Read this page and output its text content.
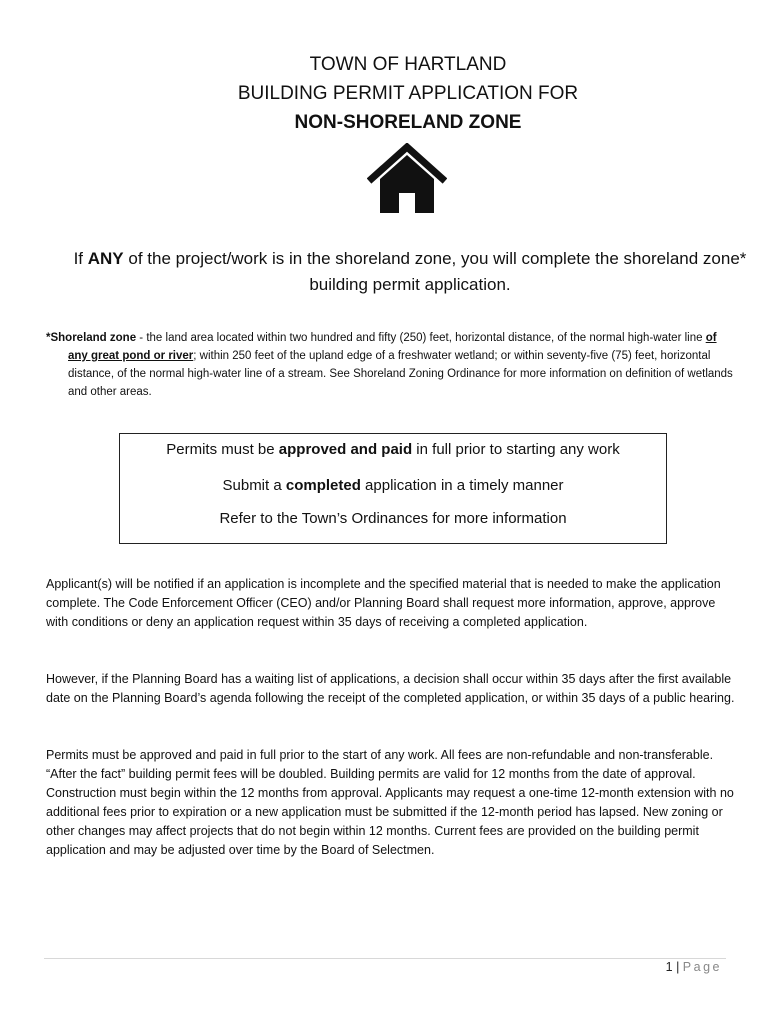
TOWN OF HARTLAND
BUILDING PERMIT APPLICATION FOR
NON-SHORELAND ZONE
If ANY of the project/work is in the shoreland zone, you will complete the shoreland zone* building permit application.
*Shoreland zone - the land area located within two hundred and fifty (250) feet, horizontal distance, of the normal high-water line of any great pond or river; within 250 feet of the upland edge of a freshwater wetland; or within seventy-five (75) feet, horizontal distance, of the normal high-water line of a stream. See Shoreland Zoning Ordinance for more information on definition of wetlands and other areas.
Permits must be approved and paid in full prior to starting any work
Submit a completed application in a timely manner
Refer to the Town’s Ordinances for more information
Applicant(s) will be notified if an application is incomplete and the specified material that is needed to make the application complete. The Code Enforcement Officer (CEO) and/or Planning Board shall request more information, approve, approve with conditions or deny an application request within 35 days of receiving a completed application.
However, if the Planning Board has a waiting list of applications, a decision shall occur within 35 days after the first available date on the Planning Board’s agenda following the receipt of the completed application, or within 35 days of a public hearing.
Permits must be approved and paid in full prior to the start of any work. All fees are non-refundable and non-transferable. “After the fact” building permit fees will be doubled. Building permits are valid for 12 months from the date of approval. Construction must begin within the 12 months from approval. Applicants may request a one-time 12-month extension with no additional fees prior to expiration or a new application must be submitted if the 12-month period has lapsed. New zoning or other changes may affect projects that do not begin within 12 months. Current fees are provided on the building permit application and may be adjusted over time by the Board of Selectmen.
1 | Page
